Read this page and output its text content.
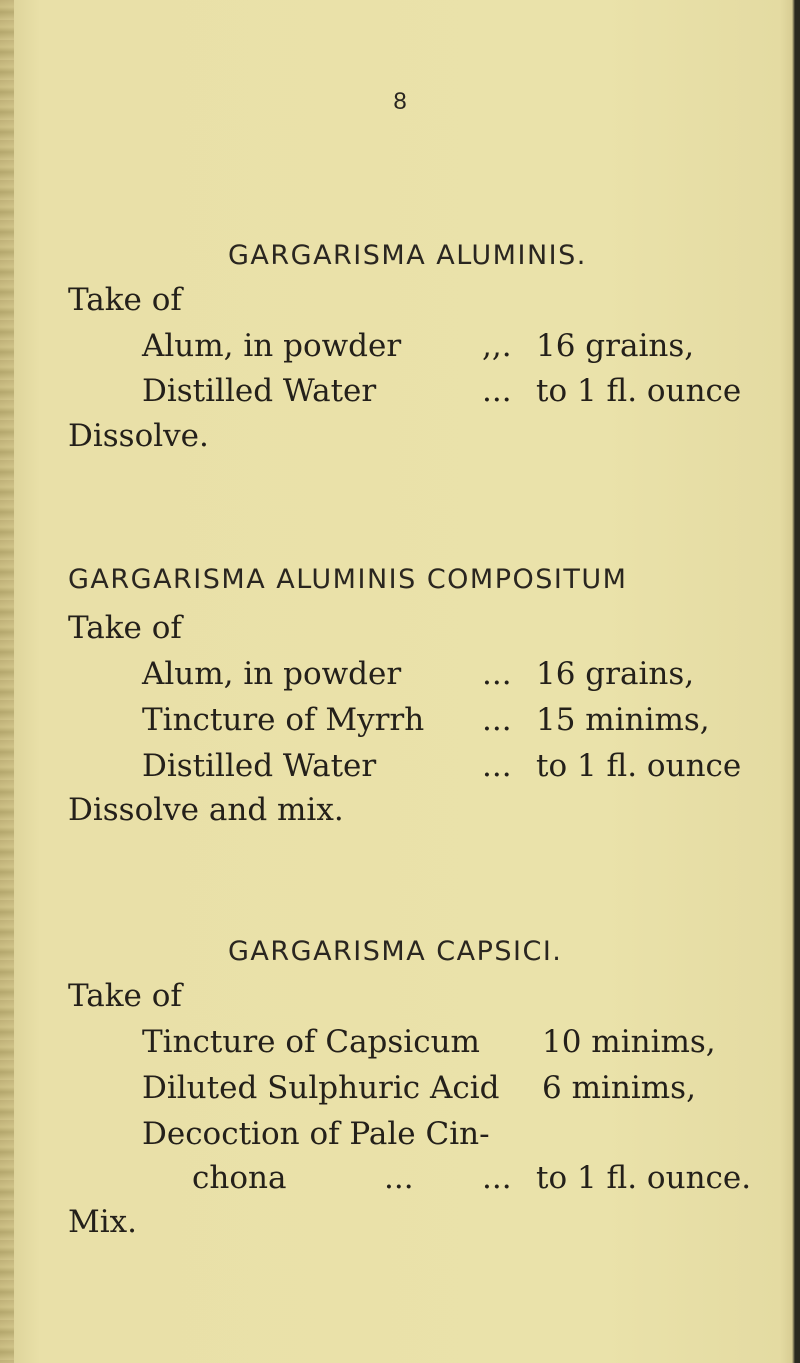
8
GARGARISMA ALUMINIS.
Take of
Alum, in powder	,,. 16 grains,
Distilled Water	... to 1 fl. ounce
Dissolve.
GARGARISMA ALUMINIS COMPOSITUM
Take of
Alum, in powder	... 16 grains,
Tincture of Myrrh ... 15 minims,
Distilled Water	... to 1 fl. ounce
Dissolve and mix.
GARGARISMA CAPSICI.
Take of
Tincture of Capsicum 10 minims,
Diluted Sulphuric Acid 6 minims,
Decoction of Pale Cin-
chona	... ... to 1 fl. ounce.
Mix.
